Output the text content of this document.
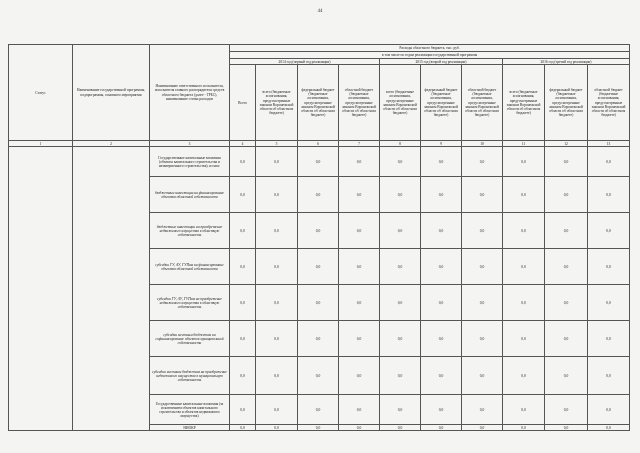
44
Статус	Наименование государственной программы, подпрограммы, основного мероприятия	Наименование ответственного исполнителя, исполнителя главного распорядителя средств областного бюджета (далее - ГРБС), наименование статьи расходов	Расходы областного бюджета, тыс. руб.									
			в том числе по годам реализации государственной программы									
			2014 год (первый год реализации)				2015 год (второй год реализации)			2016 год (третий год реализации)		
			Всего	всего (бюджетные ассигнования, предусмотренные законом Воронежской области об областном бюджете)	федеральный бюджет (бюджетные ассигнования, предусмотренные законом Воронежской области об областном бюджете)	областной бюджет (бюджетные ассигнования, предусмотренные законом Воронежской области об областном бюджете)	всего (бюджетные ассигнования, предусмотренные законом Воронежской области об областном бюджете)	федеральный бюджет (бюджетные ассигнования, предусмотренные законом Воронежской области об областном бюджете)	областной бюджет (бюджетные ассигнования, предусмотренные законом Воронежской области об областном бюджете)	всего (бюджетные ассигнования, предусмотренные законом Воронежской области об областном бюджете)	федеральный бюджет (бюджетные ассигнования, предусмотренные законом Воронежской области об областном бюджете)	областной бюджет (бюджетные ассигнования, предусмотренные законом Воронежской области об областном бюджете)
1	2	3	4	5	6	7	8	9	10	11	12	13
		Государственные капитальные вложения (объекты капитального строительства и незавершенного строительства), из них:	0,0	0,0	0,0	0,0	0,0	0,0	0,0	0,0	0,0	0,0
		бюджетные инвестиции на финансирование объектов областной собственности	0,0	0,0	0,0	0,0	0,0	0,0	0,0	0,0	0,0	0,0
		бюджетные инвестиции на приобретение недвижимого имущества в областную собственность	0,0	0,0	0,0	0,0	0,0	0,0	0,0	0,0	0,0	0,0
		субсидии ГУ, АУ, ГУПам на финансирование объектов областной собственности	0,0	0,0	0,0	0,0	0,0	0,0	0,0	0,0	0,0	0,0
		субсидии ГУ, АУ, ГУПам на приобретение недвижимого имущества в областную собственность	0,0	0,0	0,0	0,0	0,0	0,0	0,0	0,0	0,0	0,0
		субсидии местным бюджетам на софинансирование объектов муниципальной собственности	0,0	0,0	0,0	0,0	0,0	0,0	0,0	0,0	0,0	0,0
		субсидии местным бюджетам на приобретение недвижимого имущества в муниципальную собственность	0,0	0,0	0,0	0,0	0,0	0,0	0,0	0,0	0,0	0,0
		Государственные капитальные вложения (за исключением объектов капитального строительства и объектов недвижимого имущества)	0,0	0,0	0,0	0,0	0,0	0,0	0,0	0,0	0,0	0,0
		НИОКР	0,0	0,0	0,0	0,0	0,0	0,0	0,0	0,0	0,0	0,0
